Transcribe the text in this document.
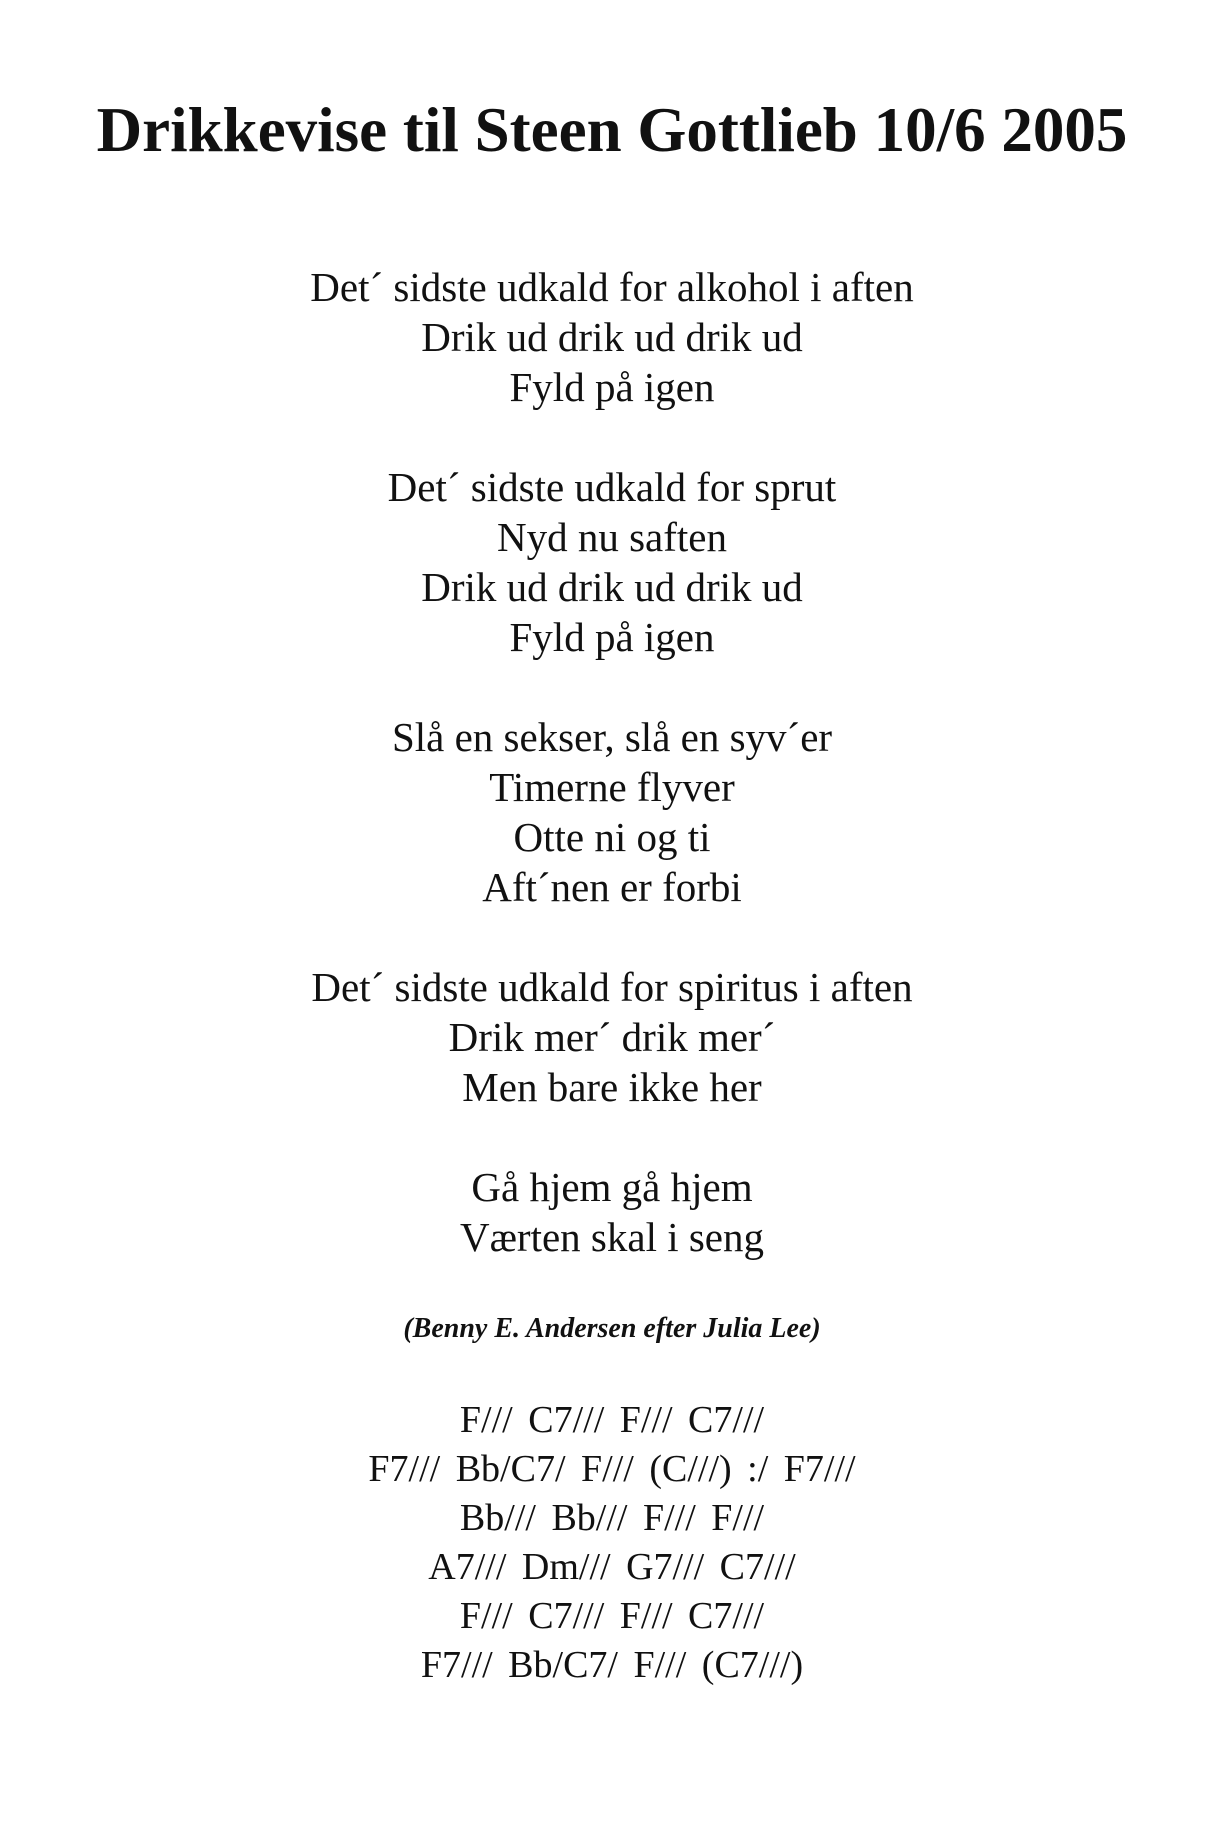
Drikkevise til Steen Gottlieb 10/6 2005
Det´ sidste udkald for alkohol i aften
Drik ud drik ud drik ud
Fyld på igen
Det´ sidste udkald for sprut
Nyd nu saften
Drik ud drik ud drik ud
Fyld på igen
Slå en sekser, slå en syv´er
Timerne flyver
Otte ni og ti
Aft´nen er forbi
Det´ sidste udkald for spiritus i aften
Drik mer´ drik mer´
Men bare ikke her
Gå hjem gå hjem
Værten skal i seng
(Benny E. Andersen efter Julia Lee)
F/// C7/// F/// C7///
F7/// Bb/C7/ F/// (C///) :/ F7///
Bb/// Bb/// F/// F///
A7/// Dm/// G7/// C7///
F/// C7/// F/// C7///
F7/// Bb/C7/ F/// (C7///)
